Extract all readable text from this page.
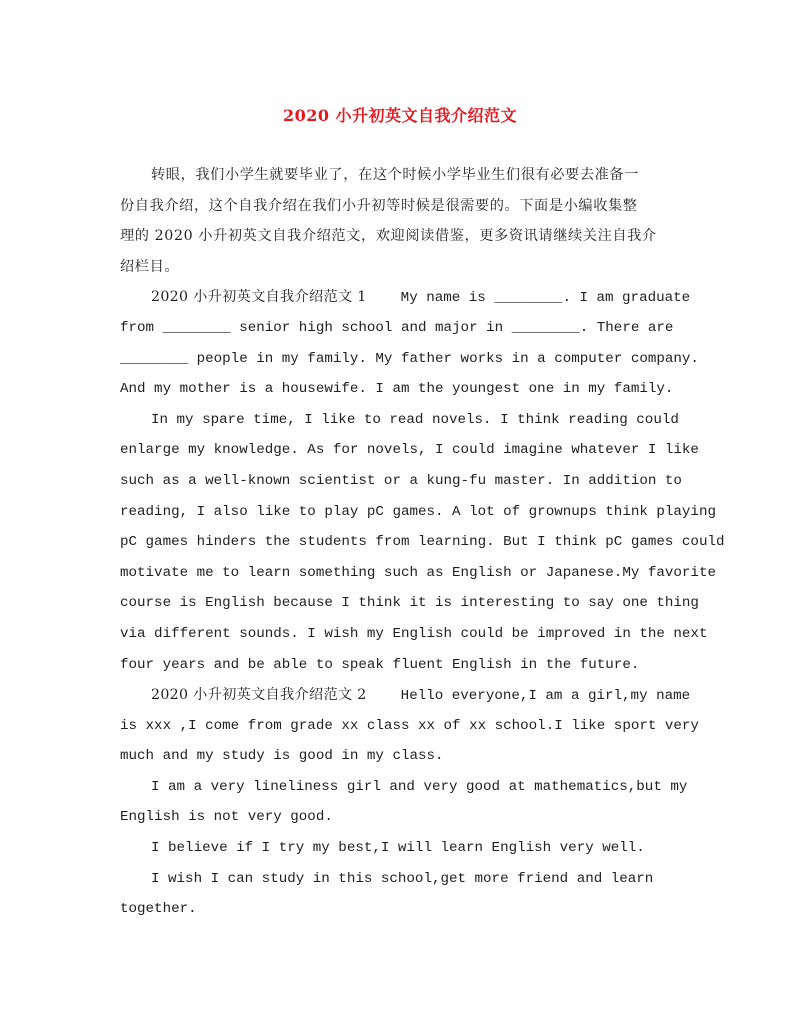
2020 小升初英文自我介绍范文
转眼，我们小学生就要毕业了，在这个时候小学毕业生们很有必要去准备一
份自我介绍，这个自我介绍在我们小升初等时候是很需要的。下面是小编收集整
理的 2020 小升初英文自我介绍范文，欢迎阅读借鉴，更多资讯请继续关注自我介
绍栏目。
2020 小升初英文自我介绍范文 1    My name is ________. I am graduate
from ________ senior high school and major in ________. There are
________ people in my family. My father works in a computer company.
And my mother is a housewife. I am the youngest one in my family.
In my spare time, I like to read novels. I think reading could
enlarge my knowledge. As for novels, I could imagine whatever I like
such as a well-known scientist or a kung-fu master. In addition to
reading, I also like to play pC games. A lot of grownups think playing
pC games hinders the students from learning. But I think pC games could
motivate me to learn something such as English or Japanese.My favorite
course is English because I think it is interesting to say one thing
via different sounds. I wish my English could be improved in the next
four years and be able to speak fluent English in the future.
2020 小升初英文自我介绍范文 2    Hello everyone,I am a girl,my name
is xxx ,I come from grade xx class xx of xx school.I like sport very
much and my study is good in my class.
I am a very lineliness girl and very good at mathematics,but my
English is not very good.
I believe if I try my best,I will learn English very well.
I wish I can study in this school,get more friend and learn
together.
